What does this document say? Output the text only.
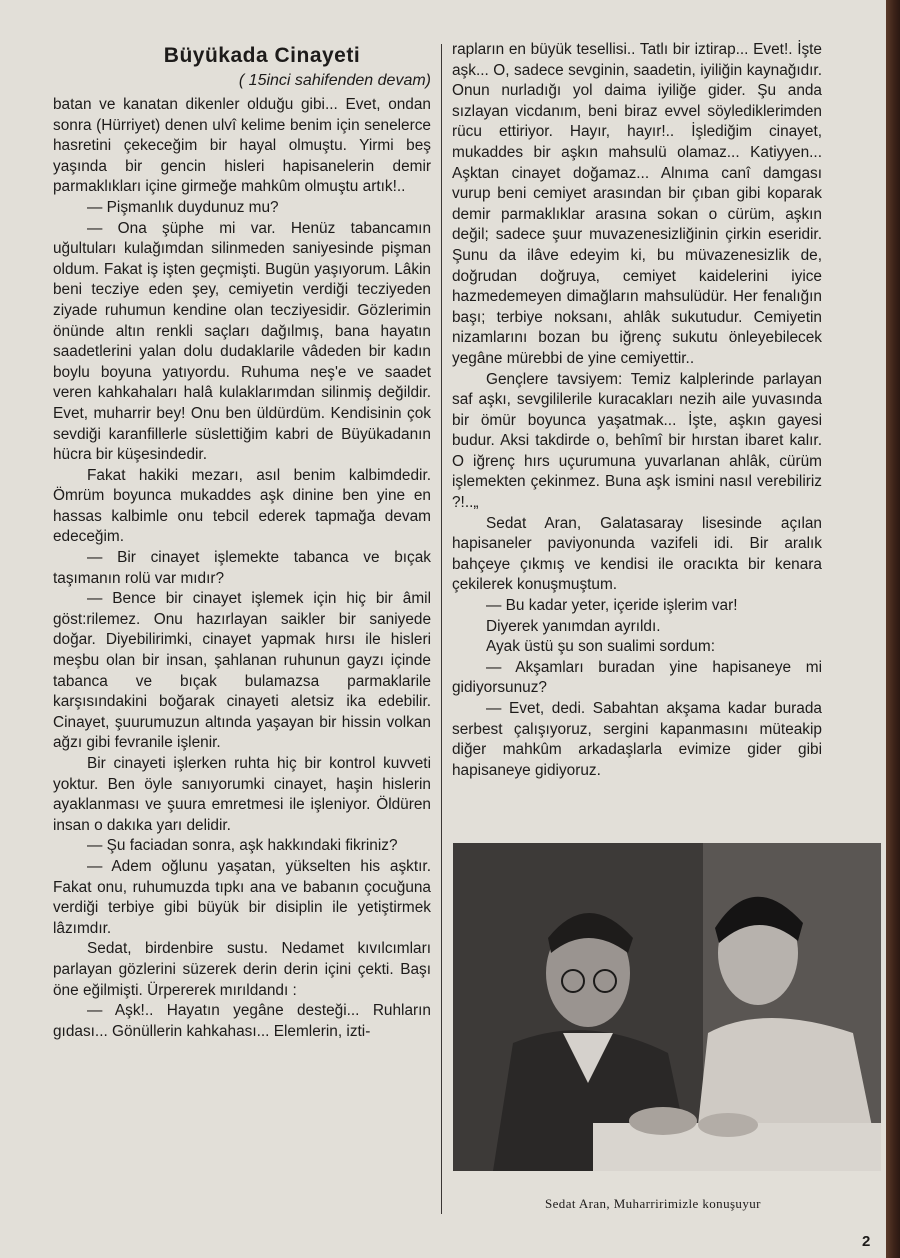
Büyükada Cinayeti
( 15inci sahifenden devam)

batan ve kanatan dikenler olduğu gibi... Evet, ondan sonra (Hürriyet) denen ulvî kelime benim için senelerce hasretini çekeceğim bir hayal olmuştu. Yirmi beş yaşında bir gencin hisleri hapisanelerin demir parmaklıkları içine girmeğe mahkûm olmuştu artık!..

— Pişmanlık duydunuz mu?

— Ona şüphe mi var. Henüz tabancamın uğultuları kulağımdan silinmeden saniyesinde pişman oldum. Fakat iş işten geçmişti. Bugün yaşıyorum. Lâkin beni tecziye eden şey, cemiyetin verdiği tecziyeden ziyade ruhumun kendine olan tecziyesidir. Gözlerimin önünde altın renkli saçları dağılmış, bana hayatın saadetlerini yalan dolu dudaklarile vâdeden bir kadın boylu boyuna yatıyordu. Ruhuma neş'e ve saadet veren kahkahaları halâ kulaklarımdan silinmiş değildir. Evet, muharrir bey! Onu ben üldürdüm. Kendisinin çok sevdiği karanfillerle süslettiğim kabri de Büyükadanın hücra bir küşesindedir.

Fakat hakiki mezarı, asıl benim kalbimdedir. Ömrüm boyunca mukaddes aşk dinine ben yine en hassas kalbimle onu tebcil ederek tapmağa devam edeceğim.

— Bir cinayet işlemekte tabanca ve bıçak taşımanın rolü var mıdır?

— Bence bir cinayet işlemek için hiç bir âmil göst:rilemez. Onu hazırlayan saikler bir saniyede doğar. Diyebilirimki, cinayet yapmak hırsı ile hisleri meşbu olan bir insan, şahlanan ruhunun gayzı içinde tabanca ve bıçak bulamazsa parmaklarile karşısındakini boğarak cinayeti aletsiz ika edebilir. Cinayet, şuurumuzun altında yaşayan bir hissin volkan ağzı gibi fevranile işlenir.

Bir cinayeti işlerken ruhta hiç bir kontrol kuvveti yoktur. Ben öyle sanıyorumki cinayet, haşin hislerin ayaklanması ve şuura emretmesi ile işleniyor. Öldüren insan o dakıka yarı delidir.

— Şu faciadan sonra, aşk hakkındaki fikriniz?

— Adem oğlunu yaşatan, yükselten his aşktır. Fakat onu, ruhumuzda tıpkı ana ve babanın çocuğuna verdiği terbiye gibi büyük bir disiplin ile yetiştirmek lâzımdır.

Sedat, birdenbire sustu. Nedamet kıvılcımları parlayan gözlerini süzerek derin derin içini çekti. Başı öne eğilmişti. Ürpererek mırıldandı :

— Aşk!.. Hayatın yegâne desteği... Ruhların gıdası... Gönüllerin kahkahası... Elemlerin, izti-

rapların en büyük tesellisi.. Tatlı bir iztirap... Evet!. İşte aşk... O, sadece sevginin, saadetin, iyiliğin kaynağıdır. Onun nurladığı yol daima iyiliğe gider. Şu anda sızlayan vicdanım, beni biraz evvel söylediklerimden rücu ettiriyor. Hayır, hayır!.. İşlediğim cinayet, mukaddes bir aşkın mahsulü olamaz... Katiyyen... Aşktan cinayet doğamaz... Alnıma canî damgası vurup beni cemiyet arasından bir çıban gibi koparak demir parmaklıklar arasına sokan o cürüm, aşkın değil; sadece şuur muvazenesizliğinin çirkin eseridir. Şunu da ilâve edeyim ki, bu müvazenesizlik de, doğrudan doğruya, cemiyet kaidelerini iyice hazmedemeyen dimağların mahsulüdür. Her fenalığın başı; terbiye noksanı, ahlâk sukutudur. Cemiyetin nizamlarını bozan bu iğrenç sukutu önleyebilecek yegâne mürebbi de yine cemiyettir..

Gençlere tavsiyem: Temiz kalplerinde parlayan saf aşkı, sevgililerile kuracakları nezih aile yuvasında bir ömür boyunca yaşatmak... İşte, aşkın gayesi budur. Aksi takdirde o, behîmî bir hırstan ibaret kalır. O iğrenç hırs uçurumuna yuvarlanan ahlâk, cürüm işlemekten çekinmez. Buna aşk ismini nasıl verebiliriz ?!..„

Sedat Aran, Galatasaray lisesinde açılan hapisaneler paviyonunda vazifeli idi. Bir aralık bahçeye çıkmış ve kendisi ile oracıkta bir kenara çekilerek konuşmuştum.

— Bu kadar yeter, içeride işlerim var!

Diyerek yanımdan ayrıldı.

Ayak üstü şu son sualimi sordum:

— Akşamları buradan yine hapisaneye mi gidiyorsunuz?

— Evet, dedi. Sabahtan akşama kadar burada serbest çalışıyoruz, sergini kapanmasını müteakip diğer mahkûm arkadaşlarla evimize gider gibi hapisaneye gidiyoruz.

Sedat Aran, Muharririmizle konuşuyur
2
